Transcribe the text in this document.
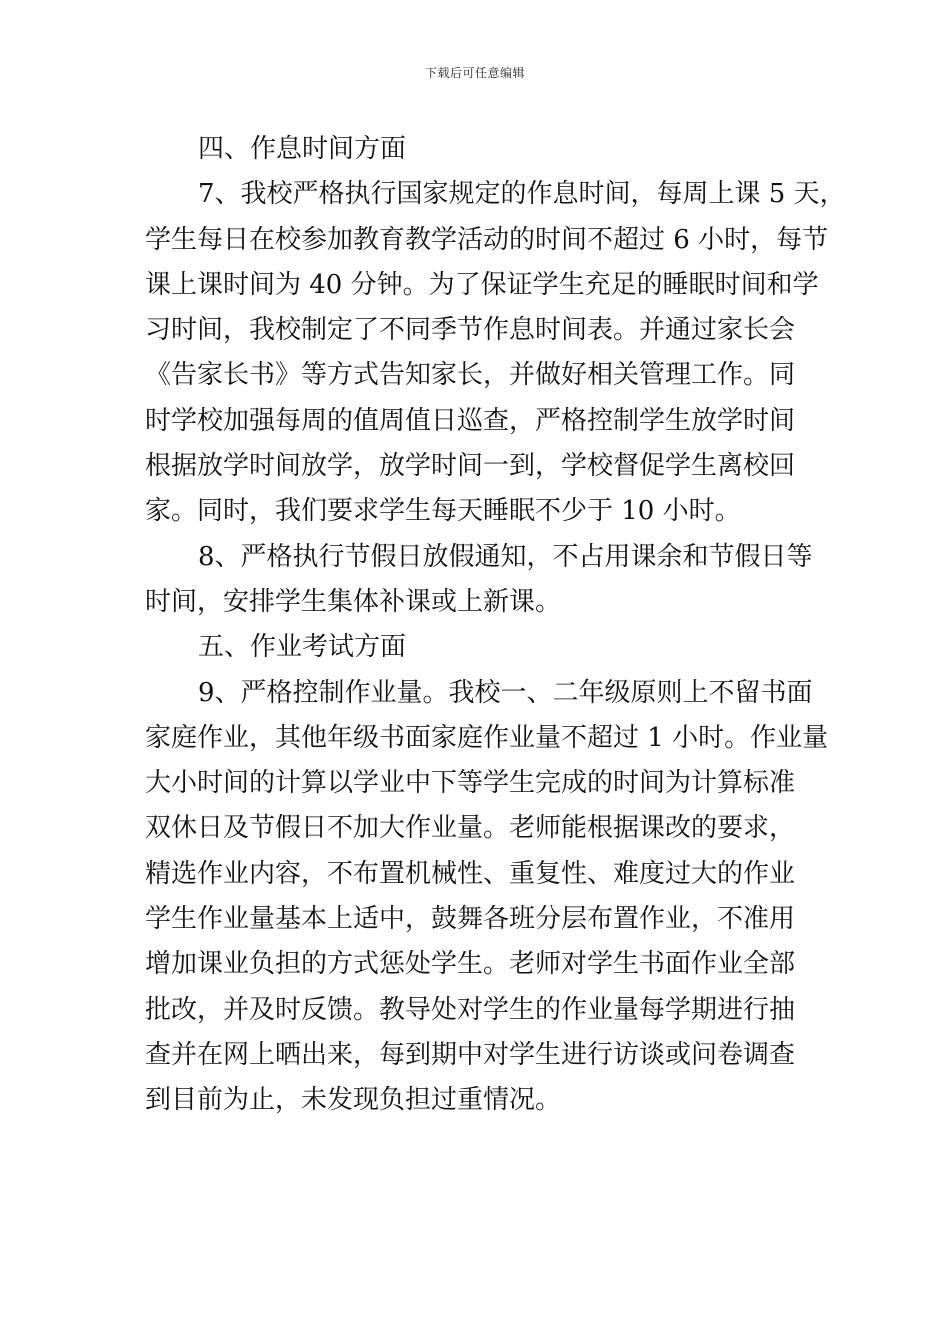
下载后可任意编辑
四、作息时间方面
7、我校严格执行国家规定的作息时间，每周上课 5 天，
学生每日在校参加教育教学活动的时间不超过 6 小时，每节
课上课时间为 40 分钟。为了保证学生充足的睡眠时间和学
习时间，我校制定了不同季节作息时间表。并通过家长会
《告家长书》等方式告知家长，并做好相关管理工作。同
时学校加强每周的值周值日巡查，严格控制学生放学时间
根据放学时间放学，放学时间一到，学校督促学生离校回
家。同时，我们要求学生每天睡眠不少于 10 小时。
8、严格执行节假日放假通知，不占用课余和节假日等
时间，安排学生集体补课或上新课。
五、作业考试方面
9、严格控制作业量。我校一、二年级原则上不留书面
家庭作业，其他年级书面家庭作业量不超过 1 小时。作业量
大小时间的计算以学业中下等学生完成的时间为计算标准
双休日及节假日不加大作业量。老师能根据课改的要求，
精选作业内容，不布置机械性、重复性、难度过大的作业
学生作业量基本上适中，鼓舞各班分层布置作业，不准用
增加课业负担的方式惩处学生。老师对学生书面作业全部
批改，并及时反馈。教导处对学生的作业量每学期进行抽
查并在网上晒出来，每到期中对学生进行访谈或问卷调查
到目前为止，未发现负担过重情况。
